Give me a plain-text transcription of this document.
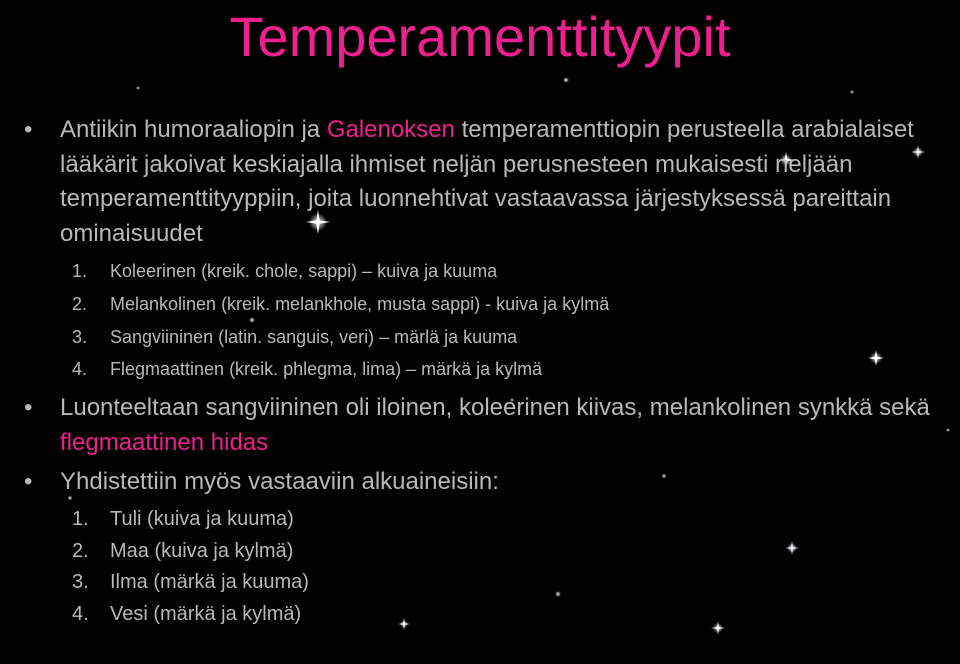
Temperamenttityypit
•	Antiikin humoraaliopin ja Galenoksen temperamenttiopin perusteella arabialaiset lääkärit jakoivat keskiajalla ihmiset neljän perusnesteen mukaisesti neljään temperamenttityyppiin, joita luonnehtivat vastaavassa järjestyksessä pareittain ominaisuudet
1. Koleerinen (kreik. chole, sappi) – kuiva ja kuuma
2. Melankolinen (kreik. melankhole, musta sappi) - kuiva ja kylmä
3. Sangviininen (latin. sanguis, veri) – märlä ja kuuma
4. Flegmaattinen (kreik. phlegma, lima) – märkä ja kylmä
•	Luonteeltaan sangviininen oli iloinen, koleerinen kiivas, melankolinen synkkä sekä flegmaattinen hidas
•	Yhdistettiin myös vastaaviin alkuaineisiin:
1. Tuli (kuiva ja kuuma)
2. Maa (kuiva ja kylmä)
3. Ilma (märkä ja kuuma)
4. Vesi (märkä ja kylmä)
